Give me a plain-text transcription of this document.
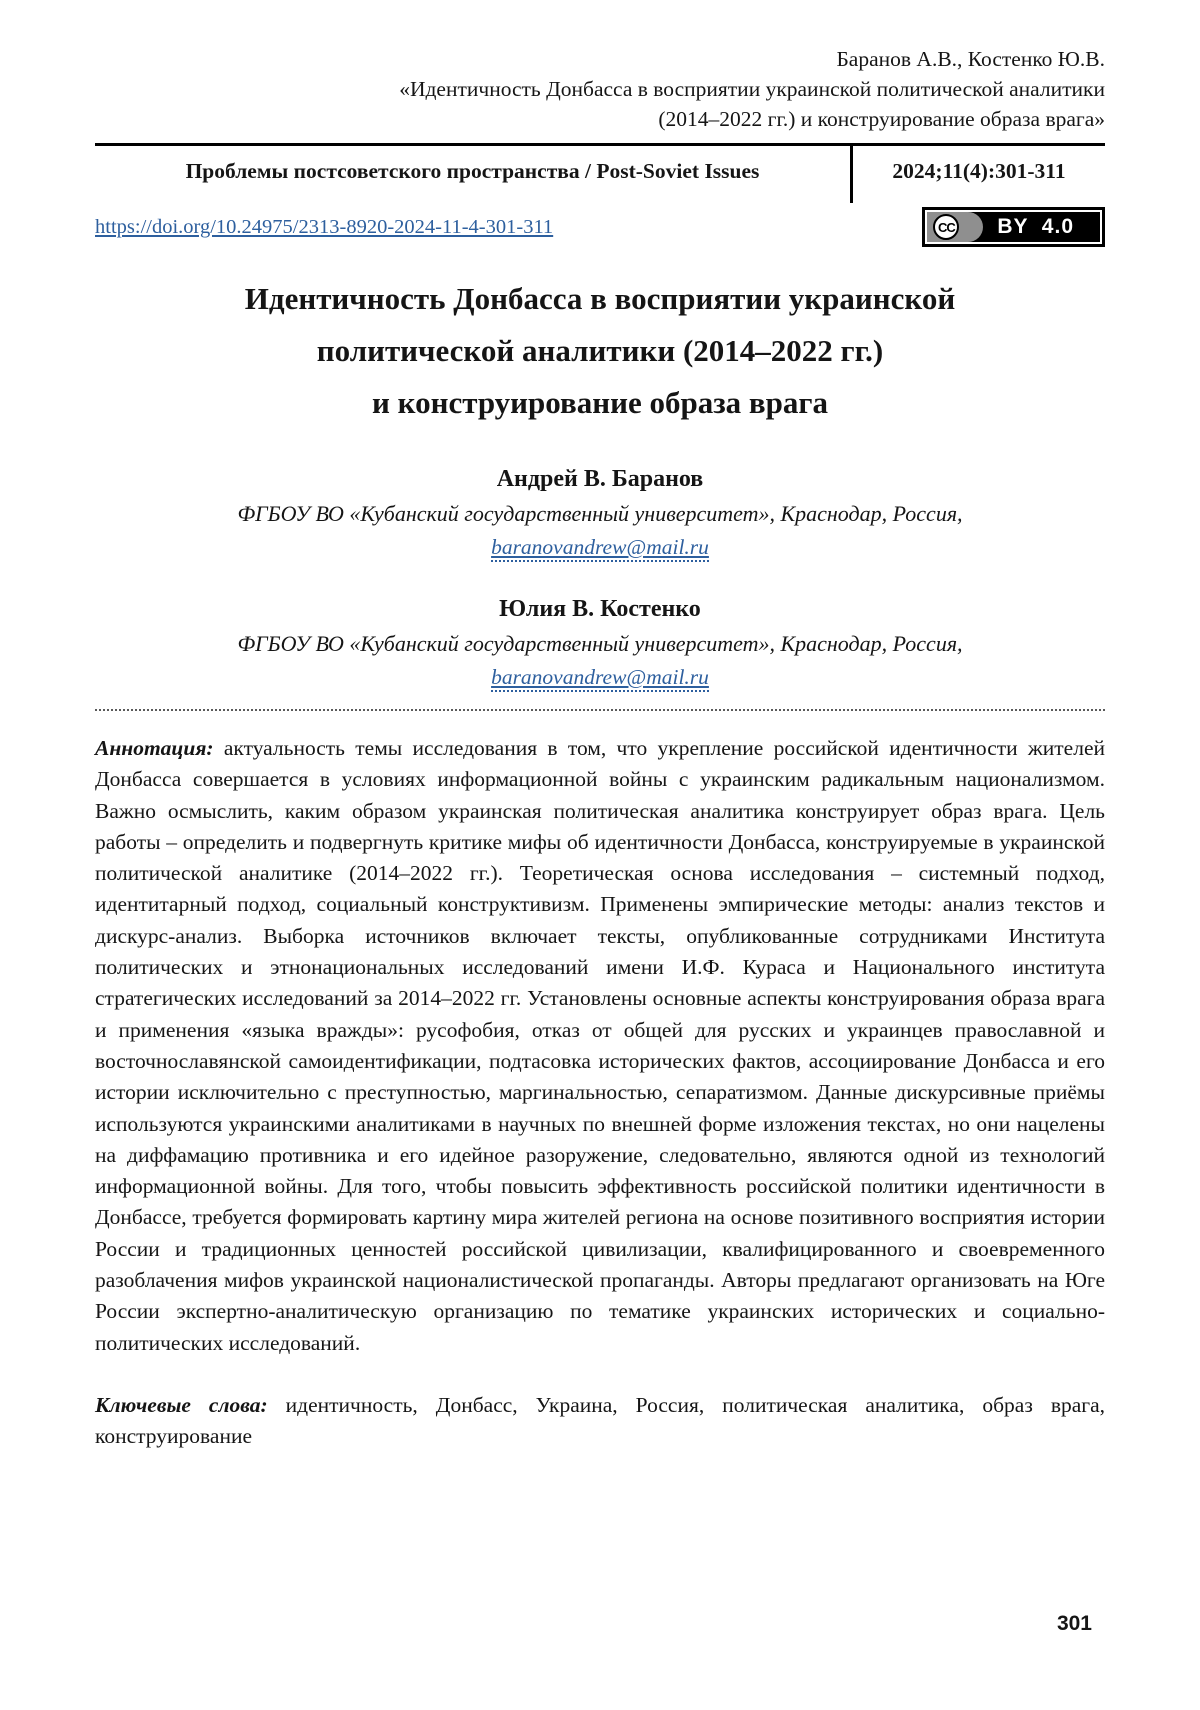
Баранов А.В., Костенко Ю.В.
«Идентичность Донбасса в восприятии украинской политической аналитики
(2014–2022 гг.) и конструирование образа врага»
Проблемы постсоветского пространства / Post-Soviet Issues	2024;11(4):301-311
https://doi.org/10.24975/2313-8920-2024-11-4-301-311	CC BY  4.0
Идентичность Донбасса в восприятии украинской
политической аналитики (2014–2022 гг.)
и конструирование образа врага
Андрей В. Баранов
ФГБОУ ВО «Кубанский государственный университет», Краснодар, Россия,
baranovandrew@mail.ru
Юлия В. Костенко
ФГБОУ ВО «Кубанский государственный университет», Краснодар, Россия,
baranovandrew@mail.ru

Аннотация: актуальность темы исследования в том, что укрепление российской идентичности жителей Донбасса совершается в условиях информационной войны с украинским радикальным национализмом. Важно осмыслить, каким образом украинская политическая аналитика конструирует образ врага. Цель работы – определить и подвергнуть критике мифы об идентичности Донбасса, конструируемые в украинской политической аналитике (2014–2022 гг.). Теоретическая основа исследования – системный подход, идентитарный подход, социальный конструктивизм. Применены эмпирические методы: анализ текстов и дискурс-анализ. Выборка источников включает тексты, опубликованные сотрудниками Института политических и этнонациональных исследований имени И.Ф. Кураса и Национального института стратегических исследований за 2014–2022 гг. Установлены основные аспекты конструирования образа врага и применения «языка вражды»: русофобия, отказ от общей для русских и украинцев православной и восточнославянской самоидентификации, подтасовка исторических фактов, ассоциирование Донбасса и его истории исключительно с преступностью, маргинальностью, сепаратизмом. Данные дискурсивные приёмы используются украинскими аналитиками в научных по внешней форме изложения текстах, но они нацелены на диффамацию противника и его идейное разоружение, следовательно, являются одной из технологий информационной войны. Для того, чтобы повысить эффективность российской политики идентичности в Донбассе, требуется формировать картину мира жителей региона на основе позитивного восприятия истории России и традиционных ценностей российской цивилизации, квалифицированного и своевременного разоблачения мифов украинской националистической пропаганды. Авторы предлагают организовать на Юге России экспертно-аналитическую организацию по тематике украинских исторических и социально-политических исследований.

Ключевые слова: идентичность, Донбасс, Украина, Россия, политическая аналитика, образ врага, конструирование

301
